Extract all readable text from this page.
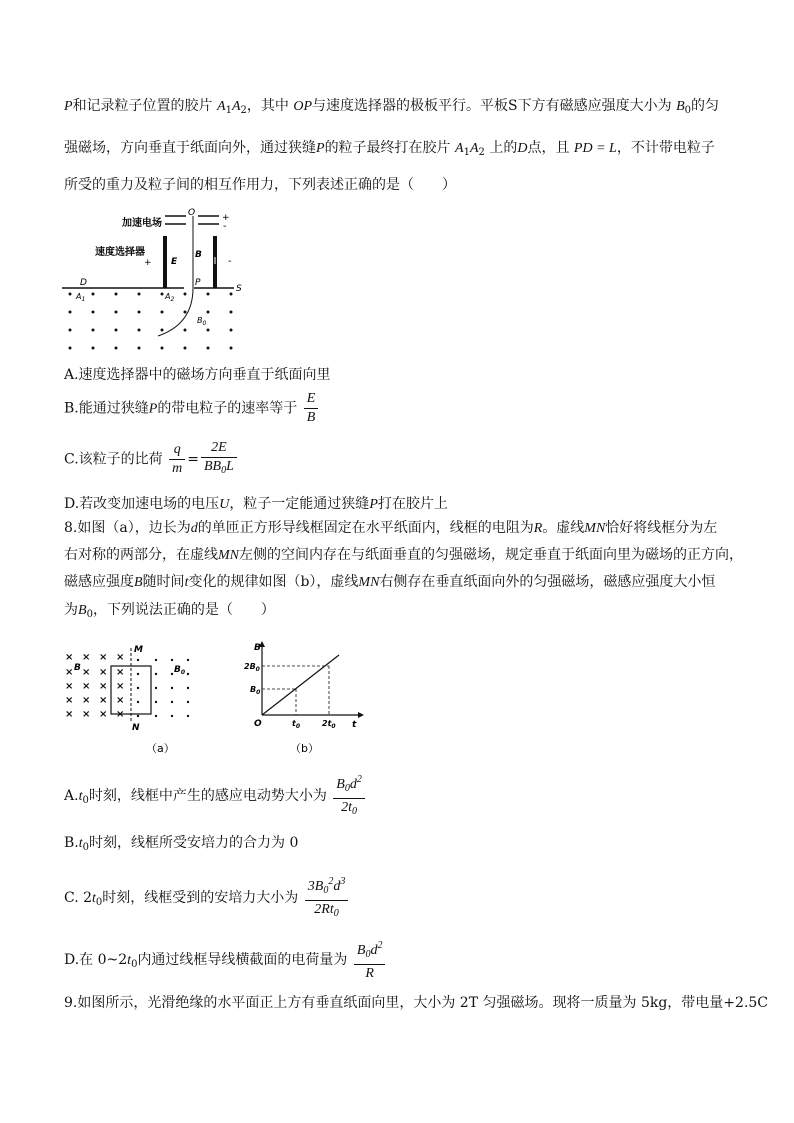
P和记录粒子位置的胶片 $A_1A_2$，其中 OP与速度选择器的极板平行。平板S下方有磁感应强度大小为 $B_0$的匀
强磁场，方向垂直于纸面向外，通过狭缝P的粒子最终打在胶片 $A_1A_2$ 上的D点，且 PD = L，不计带电粒子
所受的重力及粒子间的相互作用力，下列表述正确的是（　　）
加速电场
O	+
-
速度选择器
+	-
E
B
P
S
D
$A_1$	$A_2$
$B_0$
A.速度选择器中的磁场方向垂直于纸面向里
B.能通过狭缝P的带电粒子的速率等于 $\frac{E}{B}$
C.该粒子的比荷 $\frac{q}{m} = \frac{2E}{BB_0L}$
D.若改变加速电场的电压U，粒子一定能通过狭缝P打在胶片上
8.如图（a），边长为d的单匝正方形导线框固定在水平纸面内，线框的电阻为R。虚线MN恰好将线框分为左
右对称的两部分，在虚线MN左侧的空间内存在与纸面垂直的匀强磁场，规定垂直于纸面向里为磁场的正方向，
磁感应强度B随时间t变化的规律如图（b），虚线MN右侧存在垂直纸面向外的匀强磁场，磁感应强度大小恒
为$B_0$，下列说法正确的是（　　）
× × × ×
× × × ×
× × × ×
× × × ×
× × × ×
B
M
N
$B_0$
（a）
B
t
O
$2B_0$
$B_0$
$t_0$	$2t_0$
（b）
$A.t_0$时刻，线框中产生的感应电动势大小为 $\frac{B_0d^2}{2t_0}$
$B.t_0$时刻，线框所受安培力的合力为 0
C. $2t_0$时刻，线框受到的安培力大小为 $\frac{3B_0^2d^3}{2Rt_0}$
D.在 $0\sim 2t_0$内通过线框导线横截面的电荷量为 $\frac{B_0d^2}{R}$
9.如图所示，光滑绝缘的水平面正上方有垂直纸面向里，大小为 2T 匀强磁场。现将一质量为 5kg，带电量+2.5C
